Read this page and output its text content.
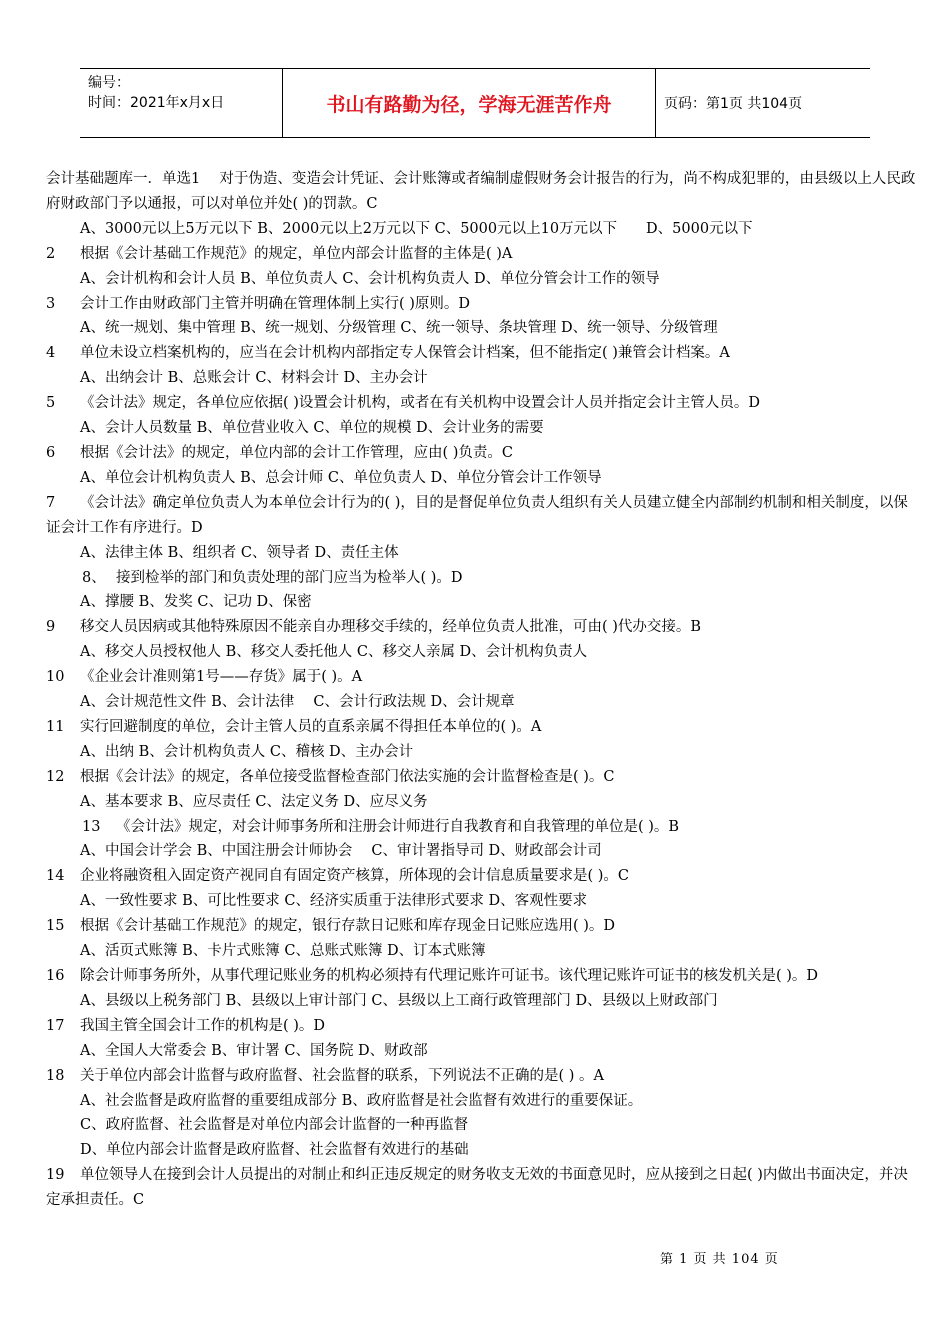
编号：
时间：2021年x月x日	书山有路勤为径，学海无涯苦作舟	页码：第1页 共104页
会计基础题库一．单选1　 对于伪造、变造会计凭证、会计账簿或者编制虚假财务会计报告的行为，尚不构成犯罪的，由县级以上人民政府财政部门予以通报，可以对单位并处( )的罚款。C
A、3000元以上5万元以下 B、2000元以上2万元以下 C、5000元以上10万元以下　　D、5000元以下
2 根据《会计基础工作规范》的规定，单位内部会计监督的主体是( )A
A、会计机构和会计人员 B、单位负责人 C、会计机构负责人 D、单位分管会计工作的领导
3 会计工作由财政部门主管并明确在管理体制上实行( )原则。D
A、统一规划、集中管理 B、统一规划、分级管理 C、统一领导、条块管理 D、统一领导、分级管理
4 单位未设立档案机构的，应当在会计机构内部指定专人保管会计档案，但不能指定( )兼管会计档案。A
A、出纳会计 B、总账会计 C、材料会计 D、主办会计
5 《会计法》规定，各单位应依据( )设置会计机构，或者在有关机构中设置会计人员并指定会计主管人员。D
A、会计人员数量 B、单位营业收入 C、单位的规模 D、会计业务的需要
6 根据《会计法》的规定，单位内部的会计工作管理，应由( )负责。C
A、单位会计机构负责人 B、总会计师 C、单位负责人 D、单位分管会计工作领导
7 《会计法》确定单位负责人为本单位会计行为的( )，目的是督促单位负责人组织有关人员建立健全内部制约机制和相关制度，以保证会计工作有序进行。D
A、法律主体 B、组织者 C、领导者 D、责任主体
8、 接到检举的部门和负责处理的部门应当为检举人( )。D
A、撑腰 B、发奖 C、记功 D、保密
9 移交人员因病或其他特殊原因不能亲自办理移交手续的，经单位负责人批准，可由( )代办交接。B
A、移交人员授权他人 B、移交人委托他人 C、移交人亲属 D、会计机构负责人
10 《企业会计准则第1号——存货》属于( )。A
A、会计规范性文件 B、会计法律　 C、会计行政法规 D、会计规章
11 实行回避制度的单位，会计主管人员的直系亲属不得担任本单位的( )。A
A、出纳 B、会计机构负责人 C、稽核 D、主办会计
12 根据《会计法》的规定，各单位接受监督检查部门依法实施的会计监督检查是( )。C
A、基本要求 B、应尽责任 C、法定义务 D、应尽义务
13 《会计法》规定，对会计师事务所和注册会计师进行自我教育和自我管理的单位是( )。B
A、中国会计学会 B、中国注册会计师协会　 C、审计署指导司 D、财政部会计司
14 企业将融资租入固定资产视同自有固定资产核算，所体现的会计信息质量要求是( )。C
A、一致性要求 B、可比性要求 C、经济实质重于法律形式要求 D、客观性要求
15 根据《会计基础工作规范》的规定，银行存款日记账和库存现金日记账应选用( )。D
A、活页式账簿 B、卡片式账簿 C、总账式账簿 D、订本式账簿
16 除会计师事务所外，从事代理记账业务的机构必须持有代理记账许可证书。该代理记账许可证书的核发机关是( )。D
A、县级以上税务部门 B、县级以上审计部门 C、县级以上工商行政管理部门 D、县级以上财政部门
17 我国主管全国会计工作的机构是( )。D
A、全国人大常委会 B、审计署 C、国务院 D、财政部
18 关于单位内部会计监督与政府监督、社会监督的联系，下列说法不正确的是( ) 。A
A、社会监督是政府监督的重要组成部分 B、政府监督是社会监督有效进行的重要保证。
C、政府监督、社会监督是对单位内部会计监督的一种再监督
D、单位内部会计监督是政府监督、社会监督有效进行的基础
19 单位领导人在接到会计人员提出的对制止和纠正违反规定的财务收支无效的书面意见时，应从接到之日起( )内做出书面决定，并决定承担责任。C
第 1 页 共 104 页
